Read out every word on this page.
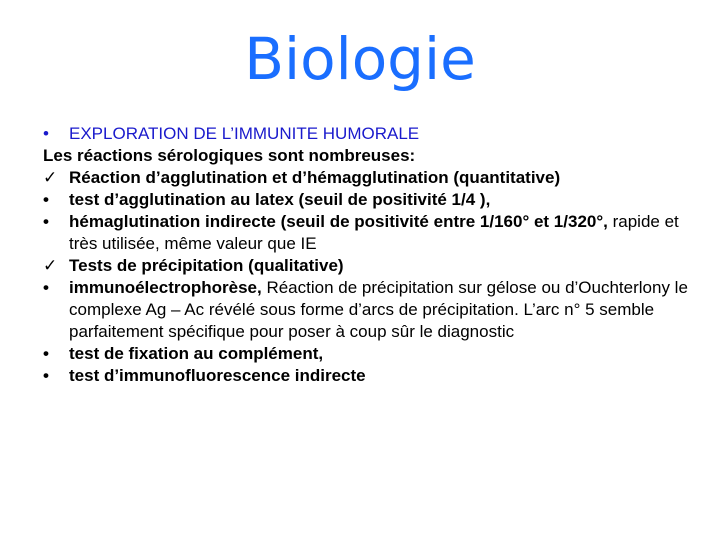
Biologie
•	EXPLORATION DE L’IMMUNITE HUMORALE
Les réactions sérologiques sont nombreuses:
✓ Réaction d’agglutination et d’hémagglutination (quantitative)
•	test d’agglutination au latex (seuil de positivité 1/4 ),
•	hémaglutination indirecte (seuil de positivité entre 1/160° et 1/320°, rapide et très utilisée, même valeur que IE
✓ Tests de précipitation (qualitative)
•	immunoélectrophorèse, Réaction de précipitation sur gélose ou d’Ouchterlony le complexe Ag – Ac révélé sous forme d’arcs de précipitation. L’arc n° 5 semble parfaitement spécifique pour poser à coup sûr le diagnostic
•	test de fixation au complément,
•	test d’immunofluorescence indirecte
